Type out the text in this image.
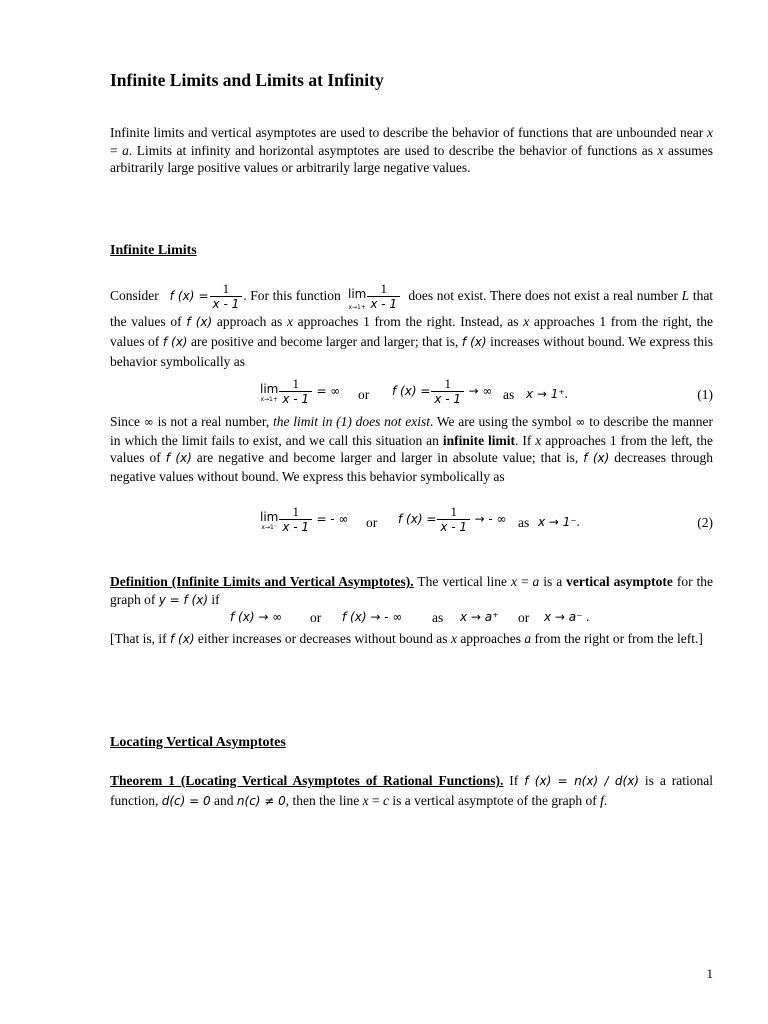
Infinite Limits and Limits at Infinity
Infinite limits and vertical asymptotes are used to describe the behavior of functions that are unbounded near x = a. Limits at infinity and horizontal asymptotes are used to describe the behavior of functions as x assumes arbitrarily large positive values or arbitrarily large negative values.
Infinite Limits
Consider f $(x) = \frac{1}{x - 1}$ . For this function lim
$x\to 1+ \frac{1}{x - 1}$ does not exist. There does not exist a real number L that the values of f (x) approach as x approaches 1 from the right. Instead, as x approaches 1 from the right, the values of f (x) are positive and become larger and larger; that is, f (x) increases without bound. We express this behavior symbolically as
lim
$x\to 1+ \frac{1}{x - 1}$ = ∞ or f $(x) = \frac{1}{x - 1}$ → ∞ as x → 1⁺.	(1)
Since ∞ is not a real number, the limit in (1) does not exist. We are using the symbol ∞ to describe the manner in which the limit fails to exist, and we call this situation an infinite limit. If x approaches 1 from the left, the values of f (x) are negative and become larger and larger in absolute value; that is, f (x) decreases through negative values without bound. We express this behavior symbolically as
lim
$x\to 1^- \frac{1}{x - 1}$ = - ∞ or f $(x) = \frac{1}{x - 1}$ → - ∞ as x → 1⁻.	(2)
Definition (Infinite Limits and Vertical Asymptotes). The vertical line x = a is a vertical asymptote for the graph of y = f (x) if
f (x) → ∞ or f (x) → - ∞ as x → a⁺ or x → a⁻ .
[That is, if f (x) either increases or decreases without bound as x approaches a from the right or from the left.]
Locating Vertical Asymptotes
Theorem 1 (Locating Vertical Asymptotes of Rational Functions). If f (x) = n(x) / d(x) is a rational function, d(c) = 0 and n(c) ≠ 0, then the line x = c is a vertical asymptote of the graph of f.
1
